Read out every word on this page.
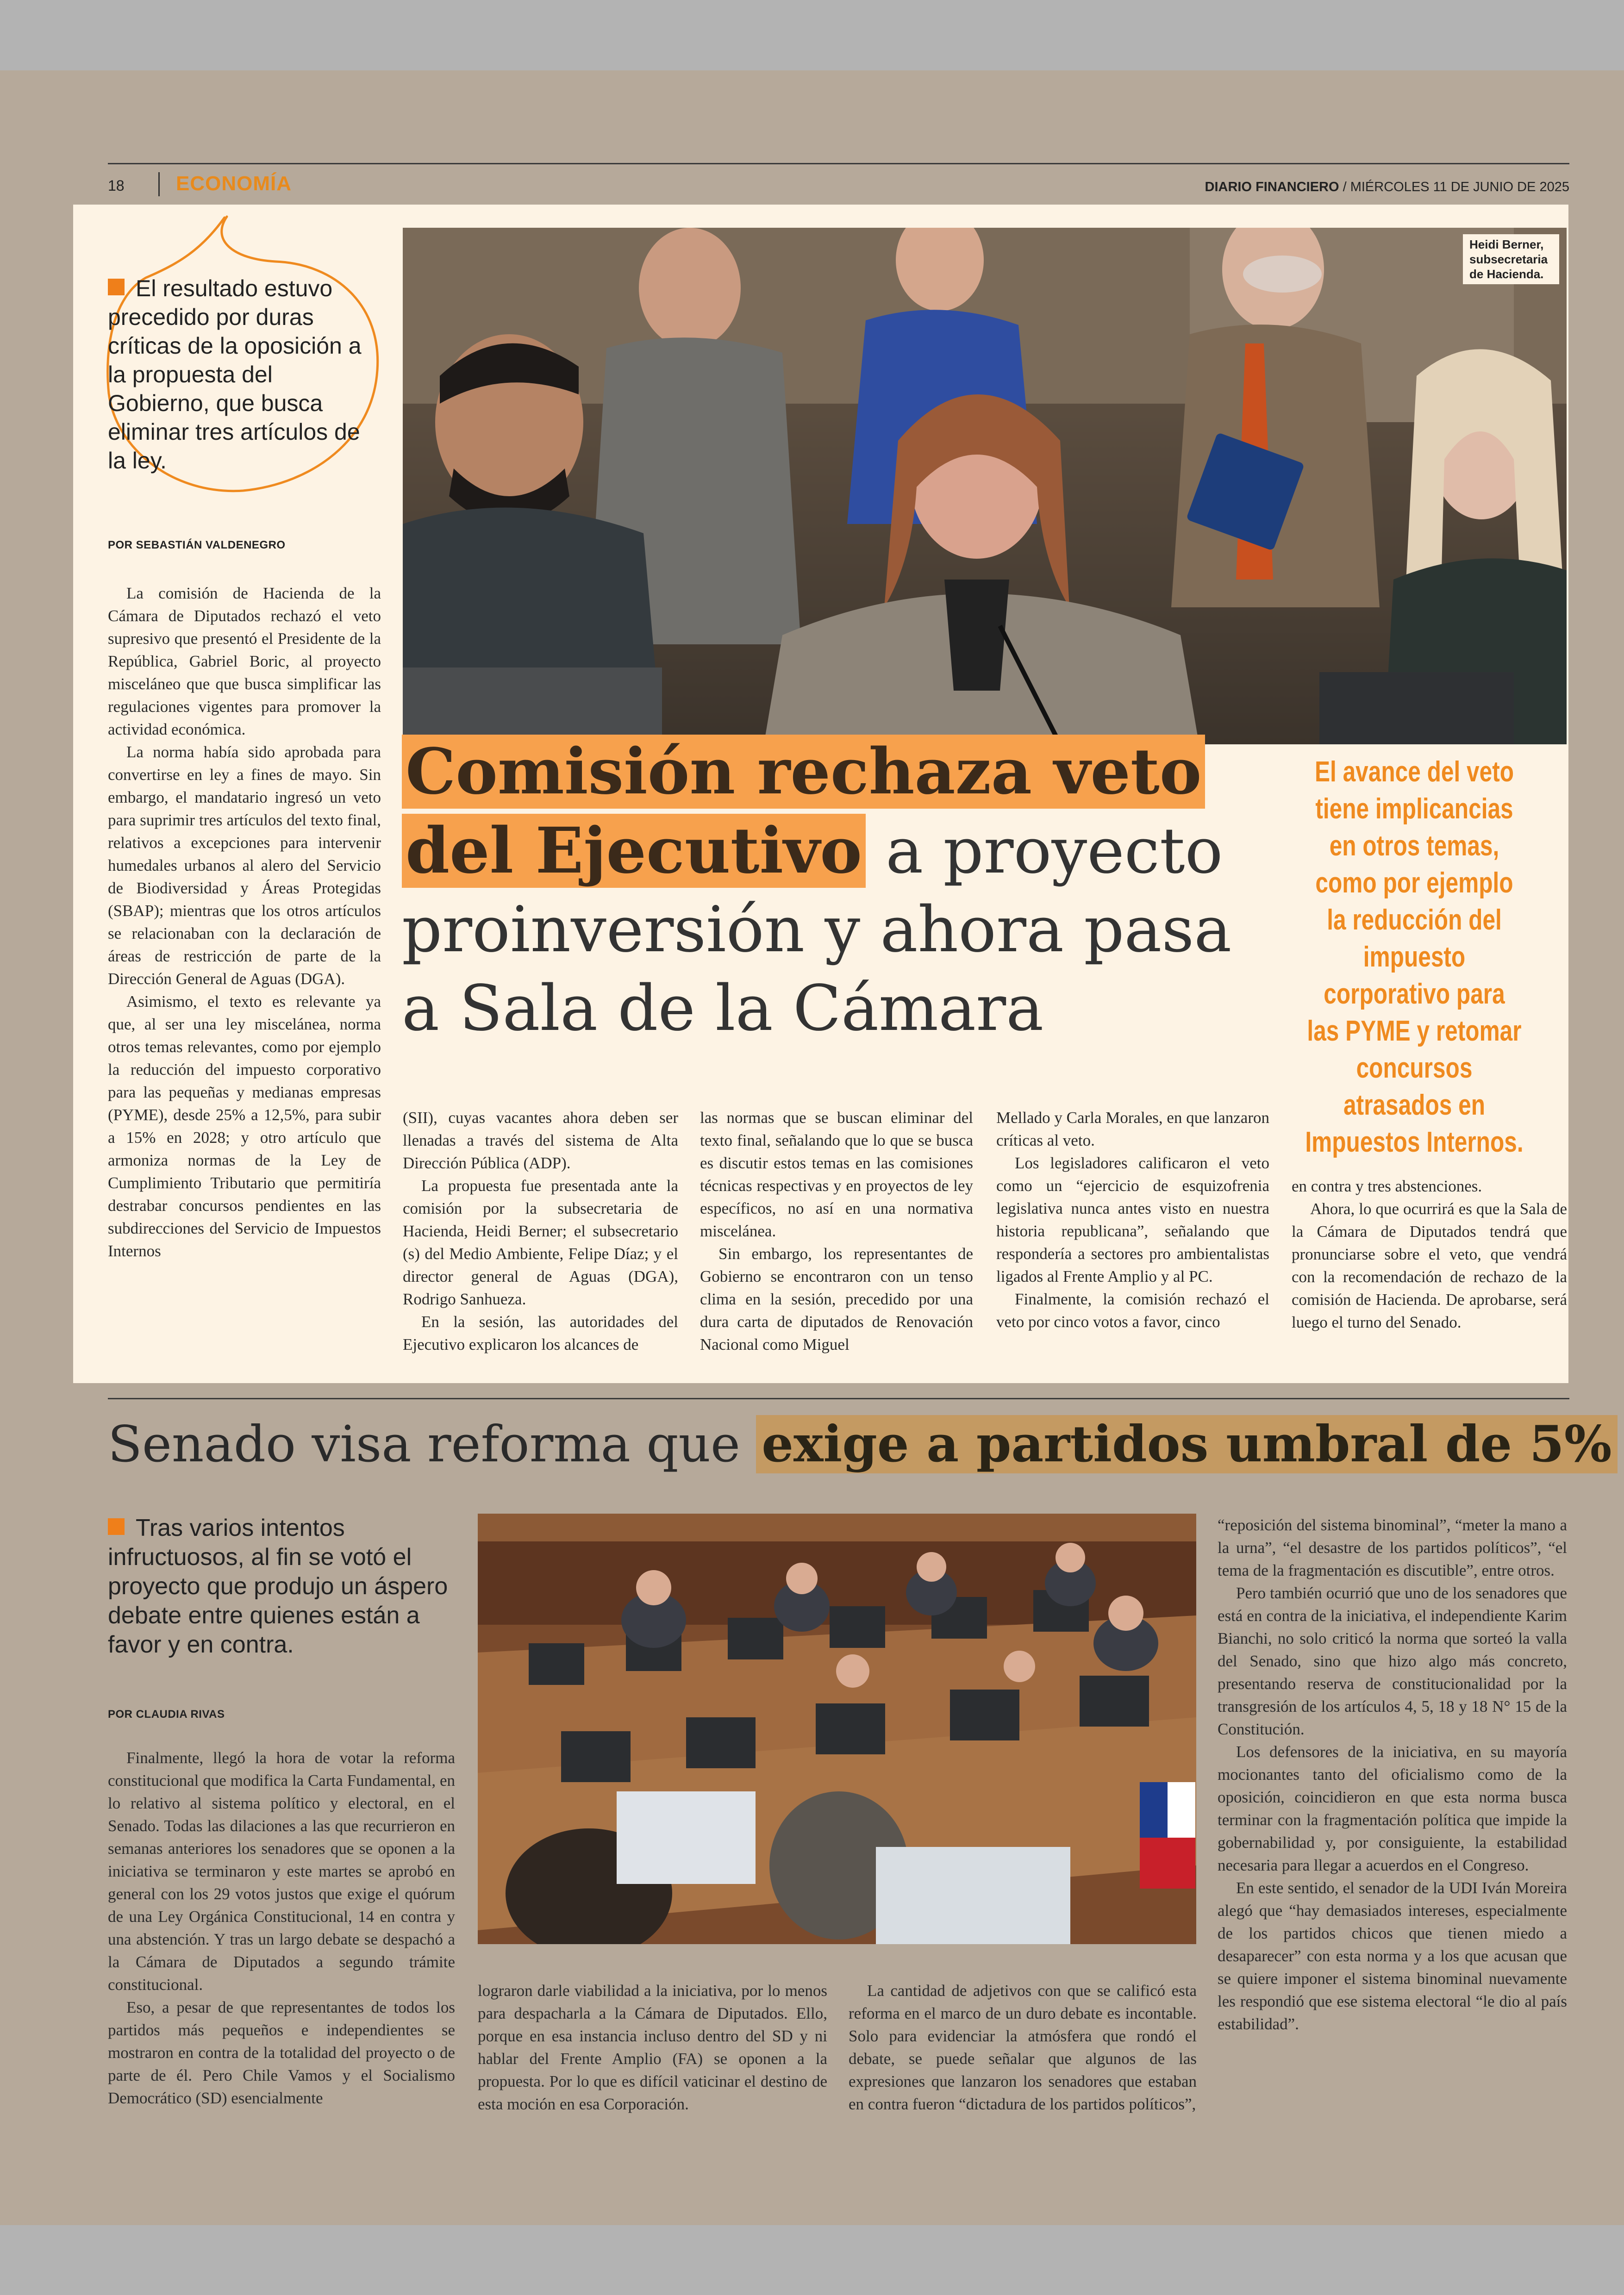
18	ECONOMÍA	DIARIO FINANCIERO / MIÉRCOLES 11 DE JUNIO DE 2025
El resultado estuvo precedido por duras críticas de la oposición a la propuesta del Gobierno, que busca eliminar tres artículos de la ley.
POR SEBASTIÁN VALDENEGRO

La comisión de Hacienda de la Cámara de Diputados rechazó el veto supresivo que presentó el Presidente de la República, Gabriel Boric, al proyecto misceláneo que que busca simplificar las regulaciones vigentes para promover la actividad económica.

La norma había sido aprobada para convertirse en ley a fines de mayo. Sin embargo, el mandatario ingresó un veto para suprimir tres artículos del texto final, relativos a excepciones para intervenir humedales urbanos al alero del Servicio de Biodiversidad y Áreas Protegidas (SBAP); mientras que los otros artículos se relacionaban con la declaración de áreas de restricción de parte de la Dirección General de Aguas (DGA).

Asimismo, el texto es relevante ya que, al ser una ley miscelánea, norma otros temas relevantes, como por ejemplo la reducción del impuesto corporativo para las pequeñas y medianas empresas (PYME), desde 25% a 12,5%, para subir a 15% en 2028; y otro artículo que armoniza normas de la Ley de Cumplimiento Tributario que permitiría destrabar concursos pendientes en las subdirecciones del Servicio de Impuestos Internos

Heidi Berner, subsecretaria de Hacienda.
Comisión rechaza veto
del Ejecutivo a proyecto proinversión y ahora pasa a Sala de la Cámara
El avance del veto tiene implicancias en otros temas, como por ejemplo la reducción del impuesto corporativo para las PYME y retomar concursos atrasados en Impuestos Internos.

(SII), cuyas vacantes ahora deben ser llenadas a través del sistema de Alta Dirección Pública (ADP).

La propuesta fue presentada ante la comisión por la subsecretaria de Hacienda, Heidi Berner; el subsecretario (s) del Medio Ambiente, Felipe Díaz; y el director general de Aguas (DGA), Rodrigo Sanhueza.

En la sesión, las autoridades del Ejecutivo explicaron los alcances de

las normas que se buscan eliminar del texto final, señalando que lo que se busca es discutir estos temas en las comisiones técnicas respectivas y en proyectos de ley específicos, no así en una normativa miscelánea.

Sin embargo, los representantes de Gobierno se encontraron con un tenso clima en la sesión, precedido por una dura carta de diputados de Renovación Nacional como Miguel

Mellado y Carla Morales, en que lanzaron críticas al veto.

Los legisladores calificaron el veto como un “ejercicio de esquizofrenia legislativa nunca antes visto en nuestra historia republicana”, señalando que respondería a sectores pro ambientalistas ligados al Frente Amplio y al PC.

Finalmente, la comisión rechazó el veto por cinco votos a favor, cinco

en contra y tres abstenciones.

Ahora, lo que ocurrirá es que la Sala de la Cámara de Diputados tendrá que pronunciarse sobre el veto, que vendrá con la recomendación de rechazo de la comisión de Hacienda. De aprobarse, será luego el turno del Senado.

Senado visa reforma que exige a partidos umbral de 5%
Tras varios intentos infructuosos, al fin se votó el proyecto que produjo un áspero debate entre quienes están a favor y en contra.
POR CLAUDIA RIVAS

Finalmente, llegó la hora de votar la reforma constitucional que modifica la Carta Fundamental, en lo relativo al sistema político y electoral, en el Senado. Todas las dilaciones a las que recurrieron en semanas anteriores los senadores que se oponen a la iniciativa se terminaron y este martes se aprobó en general con los 29 votos justos que exige el quórum de una Ley Orgánica Constitucional, 14 en contra y una abstención. Y tras un largo debate se despachó a la Cámara de Diputados a segundo trámite constitucional.

Eso, a pesar de que representantes de todos los partidos más pequeños e independientes se mostraron en contra de la totalidad del proyecto o de parte de él. Pero Chile Vamos y el Socialismo Democrático (SD) esencialmente

lograron darle viabilidad a la iniciativa, por lo menos para despacharla a la Cámara de Diputados. Ello, porque en esa instancia incluso dentro del SD y ni hablar del Frente Amplio (FA) se oponen a la propuesta. Por lo que es difícil vaticinar el destino de esta moción en esa Corporación.

La cantidad de adjetivos con que se calificó esta reforma en el marco de un duro debate es incontable. Solo para evidenciar la atmósfera que rondó el debate, se puede señalar que algunos de las expresiones que lanzaron los senadores que estaban en contra fueron “dictadura de los partidos políticos”,

“reposición del sistema binominal”, “meter la mano a la urna”, “el desastre de los partidos políticos”, “el tema de la fragmentación es discutible”, entre otros.

Pero también ocurrió que uno de los senadores que está en contra de la iniciativa, el independiente Karim Bianchi, no solo criticó la norma que sorteó la valla del Senado, sino que hizo algo más concreto, presentando reserva de constitucionalidad por la transgresión de los artículos 4, 5, 18 y 18 N° 15 de la Constitución.

Los defensores de la iniciativa, en su mayoría mocionantes tanto del oficialismo como de la oposición, coincidieron en que esta norma busca terminar con la fragmentación política que impide la gobernabilidad y, por consiguiente, la estabilidad necesaria para llegar a acuerdos en el Congreso.

En este sentido, el senador de la UDI Iván Moreira alegó que “hay demasiados intereses, especialmente de los partidos chicos que tienen miedo a desaparecer” con esta norma y a los que acusan que se quiere imponer el sistema binominal nuevamente les respondió que ese sistema electoral “le dio al país estabilidad”.
